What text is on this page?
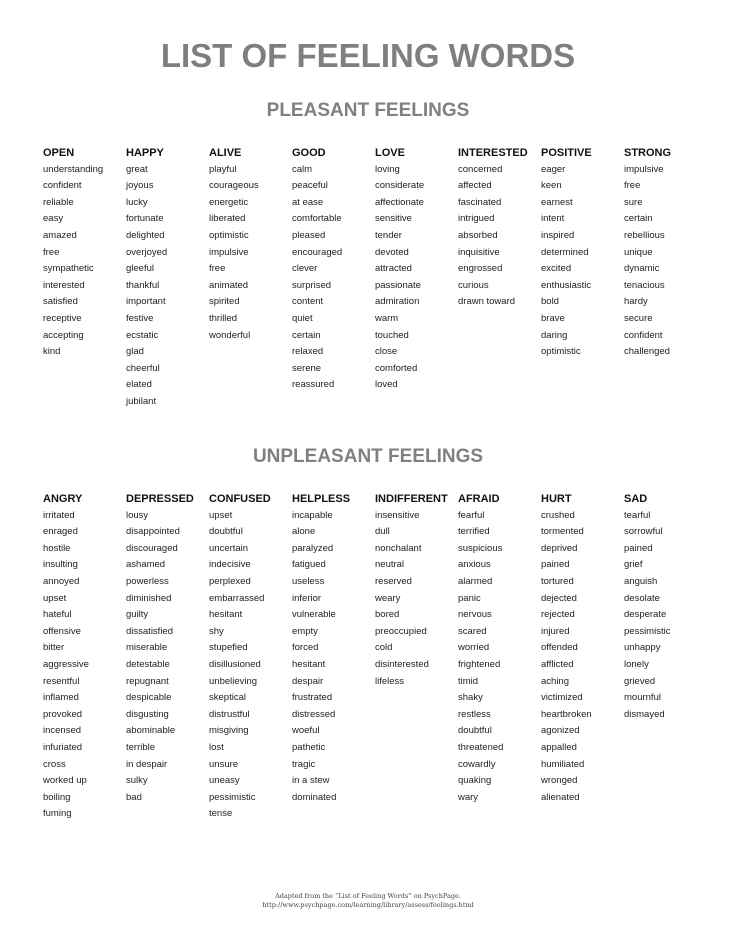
LIST OF FEELING WORDS
PLEASANT FEELINGS
OPEN
understanding
confident
reliable
easy
amazed
free
sympathetic
interested
satisfied
receptive
accepting
kind
HAPPY
great
joyous
lucky
fortunate
delighted
overjoyed
gleeful
thankful
important
festive
ecstatic
glad
cheerful
elated
jubilant
ALIVE
playful
courageous
energetic
liberated
optimistic
impulsive
free
animated
spirited
thrilled
wonderful
GOOD
calm
peaceful
at ease
comfortable
pleased
encouraged
clever
surprised
content
quiet
certain
relaxed
serene
reassured
LOVE
loving
considerate
affectionate
sensitive
tender
devoted
attracted
passionate
admiration
warm
touched
close
comforted
loved
INTERESTED
concerned
affected
fascinated
intrigued
absorbed
inquisitive
engrossed
curious
drawn toward
POSITIVE
eager
keen
earnest
intent
inspired
determined
excited
enthusiastic
bold
brave
daring
optimistic
STRONG
impulsive
free
sure
certain
rebellious
unique
dynamic
tenacious
hardy
secure
confident
challenged
UNPLEASANT FEELINGS
ANGRY
irritated
enraged
hostile
insulting
annoyed
upset
hateful
offensive
bitter
aggressive
resentful
inflamed
provoked
incensed
infuriated
cross
worked up
boiling
fuming
DEPRESSED
lousy
disappointed
discouraged
ashamed
powerless
diminished
guilty
dissatisfied
miserable
detestable
repugnant
despicable
disgusting
abominable
terrible
in despair
sulky
bad
CONFUSED
upset
doubtful
uncertain
indecisive
perplexed
embarrassed
hesitant
shy
stupefied
disillusioned
unbelieving
skeptical
distrustful
misgiving
lost
unsure
uneasy
pessimistic
tense
HELPLESS
incapable
alone
paralyzed
fatigued
useless
inferior
vulnerable
empty
forced
hesitant
despair
frustrated
distressed
woeful
pathetic
tragic
in a stew
dominated
INDIFFERENT
insensitive
dull
nonchalant
neutral
reserved
weary
bored
preoccupied
cold
disinterested
lifeless
AFRAID
fearful
terrified
suspicious
anxious
alarmed
panic
nervous
scared
worried
frightened
timid
shaky
restless
doubtful
threatened
cowardly
quaking
wary
HURT
crushed
tormented
deprived
pained
tortured
dejected
rejected
injured
offended
afflicted
aching
victimized
heartbroken
agonized
appalled
humiliated
wronged
alienated
SAD
tearful
sorrowful
pained
grief
anguish
desolate
desperate
pessimistic
unhappy
lonely
grieved
mournful
dismayed
Adapted from the “List of Feeling Words” on PsychPage.
http://www.psychpage.com/learning/library/assess/feelings.html
